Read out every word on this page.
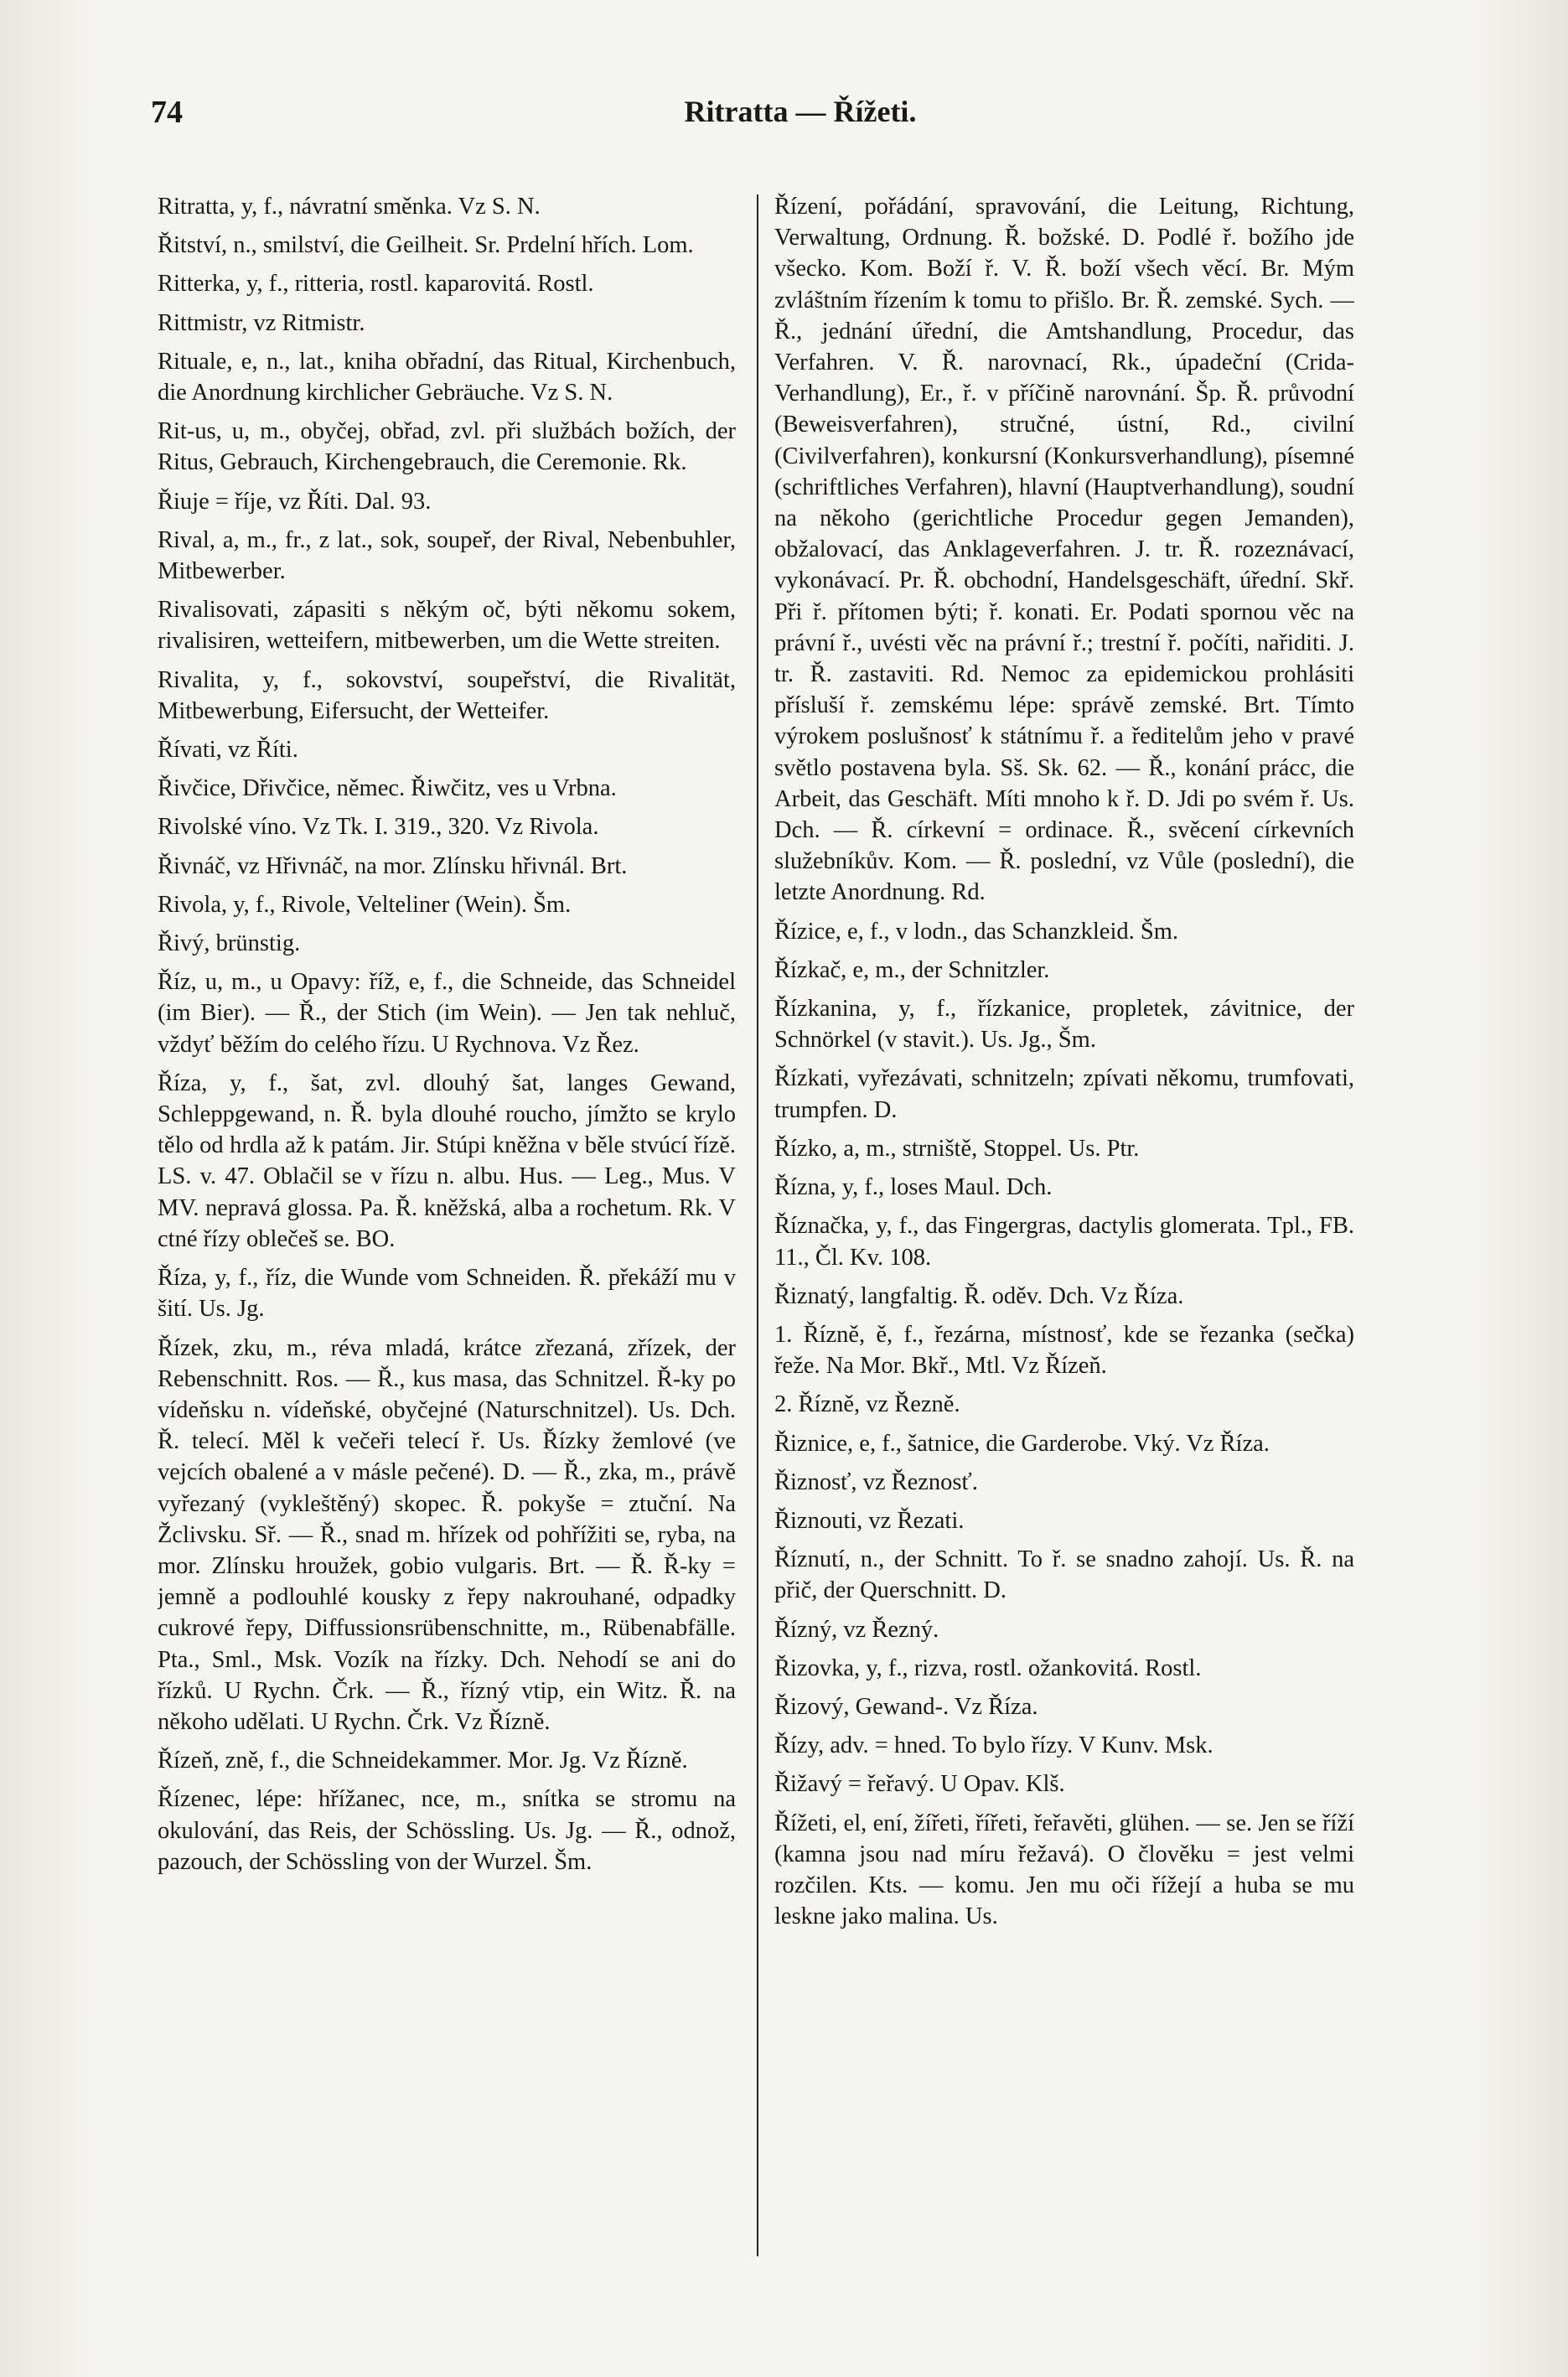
74	Ritratta — Řížeti.

Ritratta, y, f., návratní směnka. Vz S. N.

Řitství, n., smilství, die Geilheit. Sr. Prdelní hřích. Lom.

Ritterka, y, f., ritteria, rostl. kaparovitá. Rostl.

Rittmistr, vz Ritmistr.

Rituale, e, n., lat., kniha obřadní, das Ritual, Kirchenbuch, die Anordnung kirchlicher Gebräuche. Vz S. N.

Rit-us, u, m., obyčej, obřad, zvl. při službách božích, der Ritus, Gebrauch, Kirchengebrauch, die Ceremonie. Rk.

Řiuje = říje, vz Říti. Dal. 93.

Rival, a, m., fr., z lat., sok, soupeř, der Rival, Nebenbuhler, Mitbewerber.

Rivalisovati, zápasiti s někým oč, býti někomu sokem, rivalisiren, wetteifern, mitbewerben, um die Wette streiten.

Rivalita, y, f., sokovství, soupeřství, die Rivalität, Mitbewerbung, Eifersucht, der Wetteifer.

Řívati, vz Říti.

Řivčice, Dřivčice, němec. Řiwčitz, ves u Vrbna.

Rivolské víno. Vz Tk. I. 319., 320. Vz Rivola.

Řivnáč, vz Hřivnáč, na mor. Zlínsku hřivnál. Brt.

Rivola, y, f., Rivole, Velteliner (Wein). Šm.

Řivý, brünstig.

Říz, u, m., u Opavy: říž, e, f., die Schneide, das Schneidel (im Bier). — Ř., der Stich (im Wein). — Jen tak nehluč, vždyť běžím do celého řízu. U Rychnova. Vz Řez.

Říza, y, f., šat, zvl. dlouhý šat, langes Gewand, Schleppgewand, n. Ř. byla dlouhé roucho, jímžto se krylo tělo od hrdla až k patám. Jir. Stúpi kněžna v běle stvúcí řízě. LS. v. 47. Oblačil se v řízu n. albu. Hus. — Leg., Mus. V MV. nepravá glossa. Pa. Ř. kněžská, alba a rochetum. Rk. V ctné řízy oblečeš se. BO.

Říza, y, f., říz, die Wunde vom Schneiden. Ř. překáží mu v šití. Us. Jg.

Řízek, zku, m., réva mladá, krátce zřezaná, zřízek, der Rebenschnitt. Ros. — Ř., kus masa, das Schnitzel. Ř-ky po vídeňsku n. vídeňské, obyčejné (Naturschnitzel). Us. Dch. Ř. telecí. Měl k večeři telecí ř. Us. Řízky žemlové (ve vejcích obalené a v másle pečené). D. — Ř., zka, m., právě vyřezaný (vykleštěný) skopec. Ř. pokyše = ztuční. Na Žclivsku. Sř. — Ř., snad m. hřízek od pohřížiti se, ryba, na mor. Zlínsku hroužek, gobio vulgaris. Brt. — Ř. Ř-ky = jemně a podlouhlé kousky z řepy nakrouhané, odpadky cukrové řepy, Diffussionsrübenschnitte, m., Rübenabfälle. Pta., Sml., Msk. Vozík na řízky. Dch. Nehodí se ani do řízků. U Rychn. Črk. — Ř., řízný vtip, ein Witz. Ř. na někoho udělati. U Rychn. Črk. Vz Řízně.

Řízeň, zně, f., die Schneidekammer. Mor. Jg. Vz Řízně.

Řízenec, lépe: hřížanec, nce, m., snítka se stromu na okulování, das Reis, der Schössling. Us. Jg. — Ř., odnož, pazouch, der Schössling von der Wurzel. Šm.

Řízení, pořádání, spravování, die Leitung, Richtung, Verwaltung, Ordnung. Ř. božské. D. Podlé ř. božího jde všecko. Kom. Boží ř. V. Ř. boží všech věcí. Br. Mým zvláštním řízením k tomu to přišlo. Br. Ř. zemské. Sych. — Ř., jednání úřední, die Amtshandlung, Procedur, das Verfahren. V. Ř. narovnací, Rk., úpadeční (Crida-Verhandlung), Er., ř. v příčině narovnání. Šp. Ř. průvodní (Beweisverfahren), stručné, ústní, Rd., civilní (Civilverfahren), konkursní (Konkursverhandlung), písemné (schriftliches Verfahren), hlavní (Hauptverhandlung), soudní na někoho (gerichtliche Procedur gegen Jemanden), obžalovací, das Anklageverfahren. J. tr. Ř. rozeznávací, vykonávací. Pr. Ř. obchodní, Handelsgeschäft, úřední. Skř. Při ř. přítomen býti; ř. konati. Er. Podati spornou věc na právní ř., uvésti věc na právní ř.; trestní ř. počíti, nařiditi. J. tr. Ř. zastaviti. Rd. Nemoc za epidemickou prohlásiti přísluší ř. zemskému lépe: správě zemské. Brt. Tímto výrokem poslušnosť k státnímu ř. a ředitelům jeho v pravé světlo postavena byla. Sš. Sk. 62. — Ř., konání prácc, die Arbeit, das Geschäft. Míti mnoho k ř. D. Jdi po svém ř. Us. Dch. — Ř. církevní = ordinace. Ř., svěcení církevních služebníkův. Kom. — Ř. poslední, vz Vůle (poslední), die letzte Anordnung. Rd.

Řízice, e, f., v lodn., das Schanzkleid. Šm.

Řízkač, e, m., der Schnitzler.

Řízkanina, y, f., řízkanice, propletek, závitnice, der Schnörkel (v stavit.). Us. Jg., Šm.

Řízkati, vyřezávati, schnitzeln; zpívati někomu, trumfovati, trumpfen. D.

Řízko, a, m., strniště, Stoppel. Us. Ptr.

Řízna, y, f., loses Maul. Dch.

Říznačka, y, f., das Fingergras, dactylis glomerata. Tpl., FB. 11., Čl. Kv. 108.

Řiznatý, langfaltig. Ř. oděv. Dch. Vz Říza.

1. Řízně, ě, f., řezárna, místnosť, kde se řezanka (sečka) řeže. Na Mor. Bkř., Mtl. Vz Řízeň.

2. Řízně, vz Řezně.

Řiznice, e, f., šatnice, die Garderobe. Vký. Vz Říza.

Řiznosť, vz Řeznosť.

Řiznouti, vz Řezati.

Říznutí, n., der Schnitt. To ř. se snadno zahojí. Us. Ř. na přič, der Querschnitt. D.

Řízný, vz Řezný.

Řizovka, y, f., rizva, rostl. ožankovitá. Rostl.

Řizový, Gewand-. Vz Říza.

Řízy, adv. = hned. To bylo řízy. V Kunv. Msk.

Řižavý = řeřavý. U Opav. Klš.

Řížeti, el, ení, žířeti, řířeti, řeřavěti, glühen. — se. Jen se říží (kamna jsou nad míru řežavá). O člověku = jest velmi rozčilen. Kts. — komu. Jen mu oči řížejí a huba se mu leskne jako malina. Us.
